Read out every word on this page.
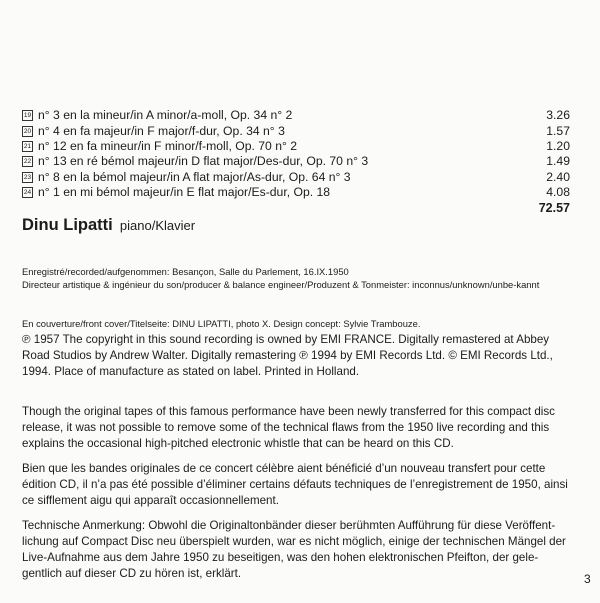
19 n° 3 en la mineur/in A minor/a-moll, Op. 34 n° 2	3.26
20 n° 4 en fa majeur/in F major/f-dur, Op. 34 n° 3	1.57
21 n° 12 en fa mineur/in F minor/f-moll, Op. 70 n° 2	1.20
22 n° 13 en ré bémol majeur/in D flat major/Des-dur, Op. 70 n° 3	1.49
23 n° 8 en la bémol majeur/in A flat major/As-dur, Op. 64 n° 3	2.40
24 n° 1 en mi bémol majeur/in E flat major/Es-dur, Op. 18	4.08
72.57
Dinu Lipatti piano/Klavier

Enregistré/recorded/aufgenommen: Besançon, Salle du Parlement, 16.IX.1950

Directeur artistique & ingénieur du son/producer & balance engineer/Produzent & Tonmeister: inconnus/unknown/unbe-kannt

En couverture/front cover/Titelseite: DINU LIPATTI, photo X. Design concept: Sylvie Trambouze.
℗ 1957 The copyright in this sound recording is owned by EMI FRANCE. Digitally remastered at Abbey Road Studios by Andrew Walter. Digitally remastering ℗ 1994 by EMI Records Ltd. © EMI Records Ltd., 1994. Place of manufacture as stated on label. Printed in Holland.

Though the original tapes of this famous performance have been newly transferred for this compact disc release, it was not possible to remove some of the technical flaws from the 1950 live recording and this explains the occasional high-pitched electronic whistle that can be heard on this CD.

Bien que les bandes originales de ce concert célèbre aient bénéficié d’un nouveau transfert pour cette édition CD, il n’a pas été possible d’éliminer certains défauts techniques de l’enregistrement de 1950, ainsi ce sifflement aigu qui apparaît occasionnellement.

Technische Anmerkung: Obwohl die Originaltonbänder dieser berühmten Aufführung für diese Veröffent-lichung auf Compact Disc neu überspielt wurden, war es nicht möglich, einige der technischen Mängel der Live-Aufnahme aus dem Jahre 1950 zu beseitigen, was den hohen elektronischen Pfeifton, der gele-gentlich auf dieser CD zu hören ist, erklärt.	3
